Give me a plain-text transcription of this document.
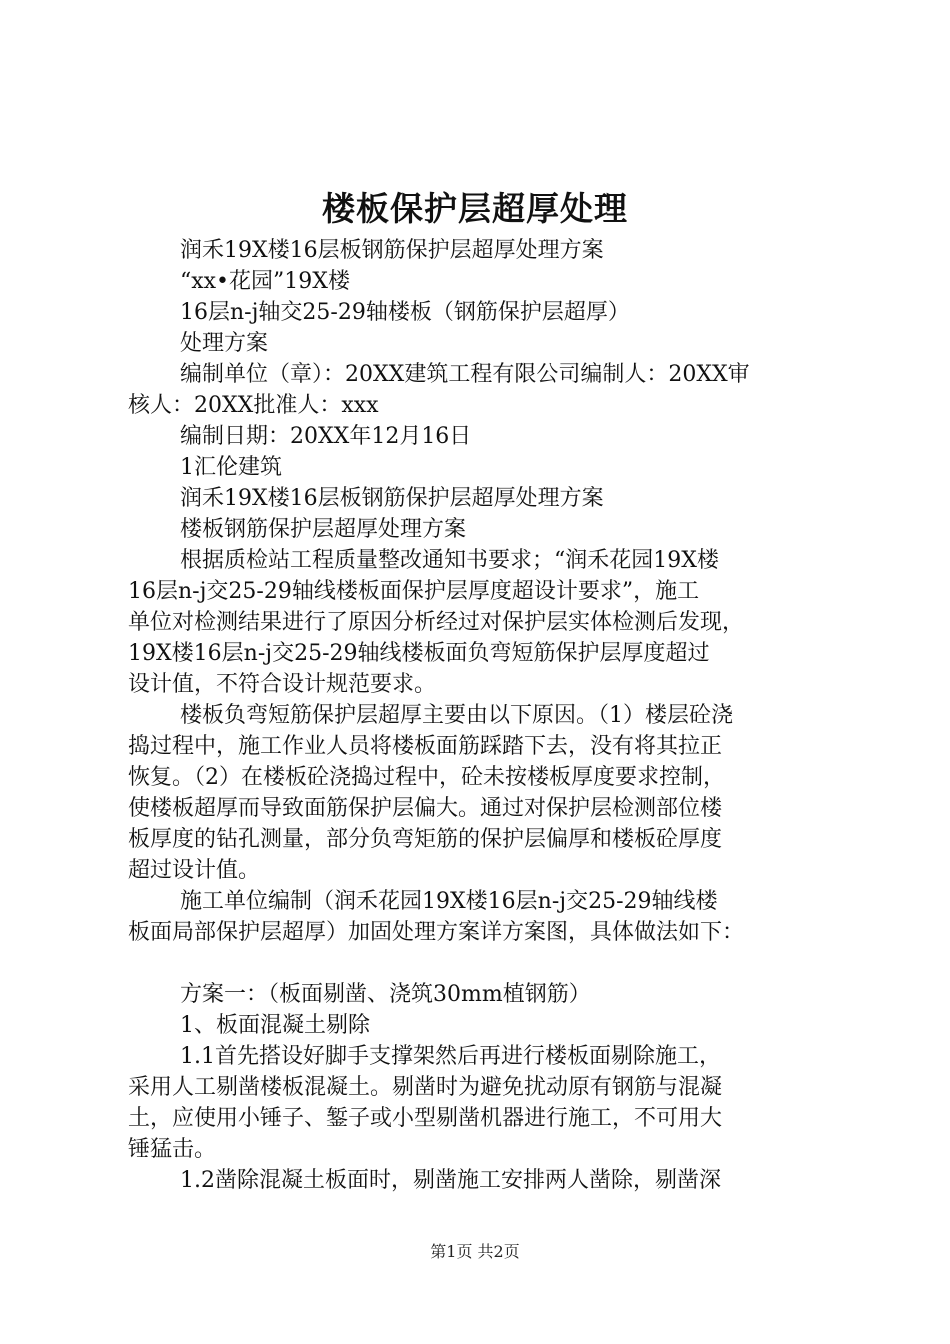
楼板保护层超厚处理
润禾19X楼16层板钢筋保护层超厚处理方案
“xx•花园”19X楼
16层n-j轴交25-29轴楼板（钢筋保护层超厚）
处理方案
编制单位（章）：20XX建筑工程有限公司编制人：20XX审
核人：20XX批准人：xxx
编制日期：20XX年12月16日
1汇伦建筑
润禾19X楼16层板钢筋保护层超厚处理方案
楼板钢筋保护层超厚处理方案
根据质检站工程质量整改通知书要求；“润禾花园19X楼
16层n-j交25-29轴线楼板面保护层厚度超设计要求”，施工
单位对检测结果进行了原因分析经过对保护层实体检测后发现，
19X楼16层n-j交25-29轴线楼板面负弯短筋保护层厚度超过
设计值，不符合设计规范要求。
楼板负弯短筋保护层超厚主要由以下原因。（1）楼层砼浇
捣过程中，施工作业人员将楼板面筋踩踏下去，没有将其拉正
恢复。（2）在楼板砼浇捣过程中，砼未按楼板厚度要求控制，
使楼板超厚而导致面筋保护层偏大。通过对保护层检测部位楼
板厚度的钻孔测量，部分负弯矩筋的保护层偏厚和楼板砼厚度
超过设计值。
施工单位编制（润禾花园19X楼16层n-j交25-29轴线楼
板面局部保护层超厚）加固处理方案详方案图，具体做法如下：
方案一：（板面剔凿、浇筑30mm植钢筋）
1、板面混凝土剔除
1.1首先搭设好脚手支撑架然后再进行楼板面剔除施工，
采用人工剔凿楼板混凝土。剔凿时为避免扰动原有钢筋与混凝
土，应使用小锤子、錾子或小型剔凿机器进行施工，不可用大
锤猛击。
1.2凿除混凝土板面时，剔凿施工安排两人凿除，剔凿深
第1页 共2页
